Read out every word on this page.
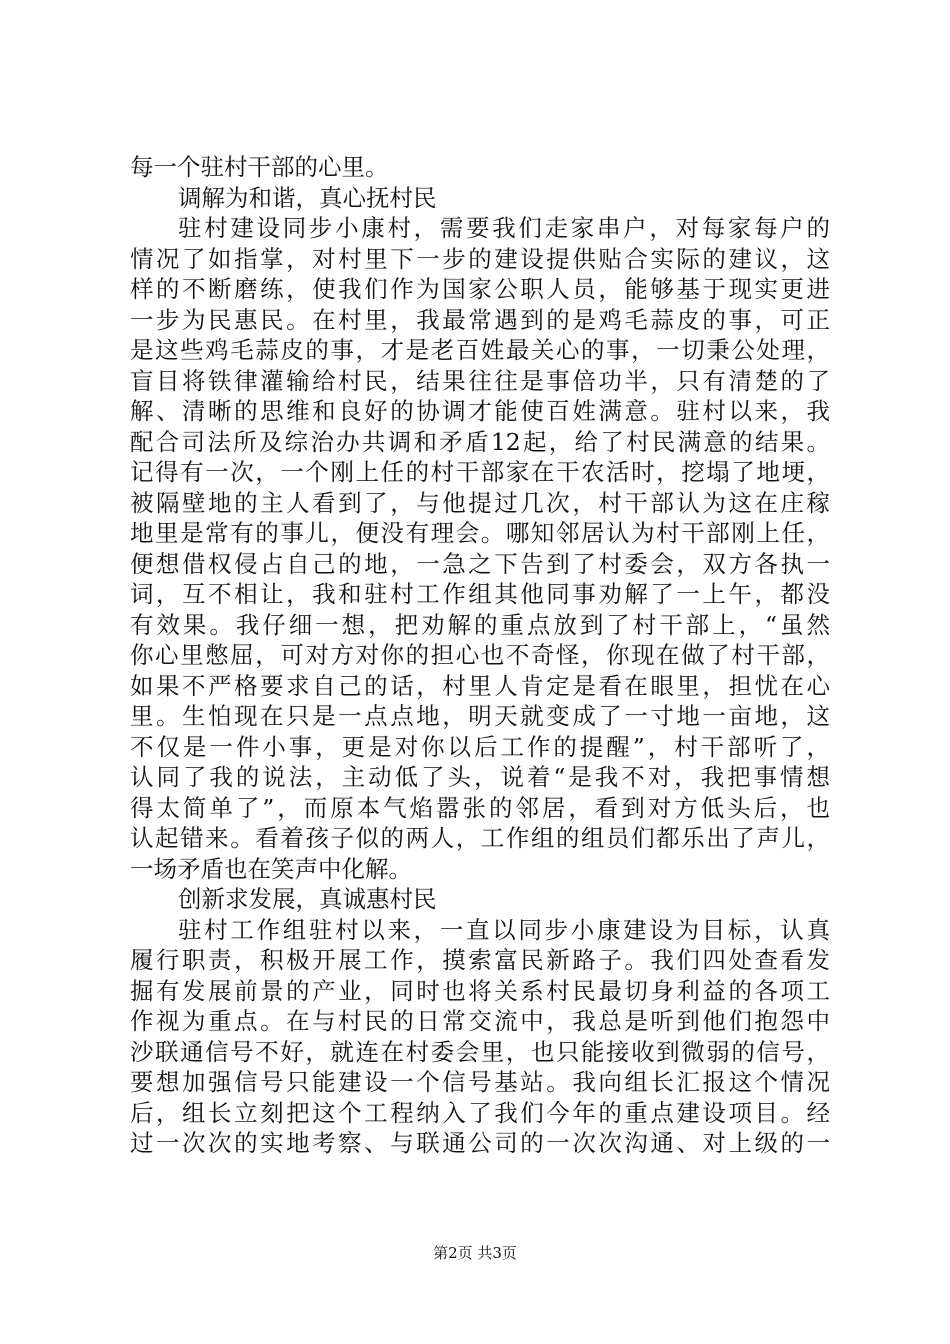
每一个驻村干部的心里。
调解为和谐，真心抚村民
驻村建设同步小康村，需要我们走家串户，对每家每户的
情况了如指掌，对村里下一步的建设提供贴合实际的建议，这
样的不断磨练，使我们作为国家公职人员，能够基于现实更进
一步为民惠民。在村里，我最常遇到的是鸡毛蒜皮的事，可正
是这些鸡毛蒜皮的事，才是老百姓最关心的事，一切秉公处理，
盲目将铁律灌输给村民，结果往往是事倍功半，只有清楚的了
解、清晰的思维和良好的协调才能使百姓满意。驻村以来，我
配合司法所及综治办共调和矛盾12起，给了村民满意的结果。
记得有一次，一个刚上任的村干部家在干农活时，挖塌了地埂，
被隔壁地的主人看到了，与他提过几次，村干部认为这在庄稼
地里是常有的事儿，便没有理会。哪知邻居认为村干部刚上任，
便想借权侵占自己的地，一急之下告到了村委会，双方各执一
词，互不相让，我和驻村工作组其他同事劝解了一上午，都没
有效果。我仔细一想，把劝解的重点放到了村干部上，“虽然
你心里憋屈，可对方对你的担心也不奇怪，你现在做了村干部，
如果不严格要求自己的话，村里人肯定是看在眼里，担忧在心
里。生怕现在只是一点点地，明天就变成了一寸地一亩地，这
不仅是一件小事，更是对你以后工作的提醒”，村干部听了，
认同了我的说法，主动低了头，说着“是我不对，我把事情想
得太简单了”，而原本气焰嚣张的邻居，看到对方低头后，也
认起错来。看着孩子似的两人，工作组的组员们都乐出了声儿，
一场矛盾也在笑声中化解。
创新求发展，真诚惠村民
驻村工作组驻村以来，一直以同步小康建设为目标，认真
履行职责，积极开展工作，摸索富民新路子。我们四处查看发
掘有发展前景的产业，同时也将关系村民最切身利益的各项工
作视为重点。在与村民的日常交流中，我总是听到他们抱怨中
沙联通信号不好，就连在村委会里，也只能接收到微弱的信号，
要想加强信号只能建设一个信号基站。我向组长汇报这个情况
后，组长立刻把这个工程纳入了我们今年的重点建设项目。经
过一次次的实地考察、与联通公司的一次次沟通、对上级的一
第2页 共3页
